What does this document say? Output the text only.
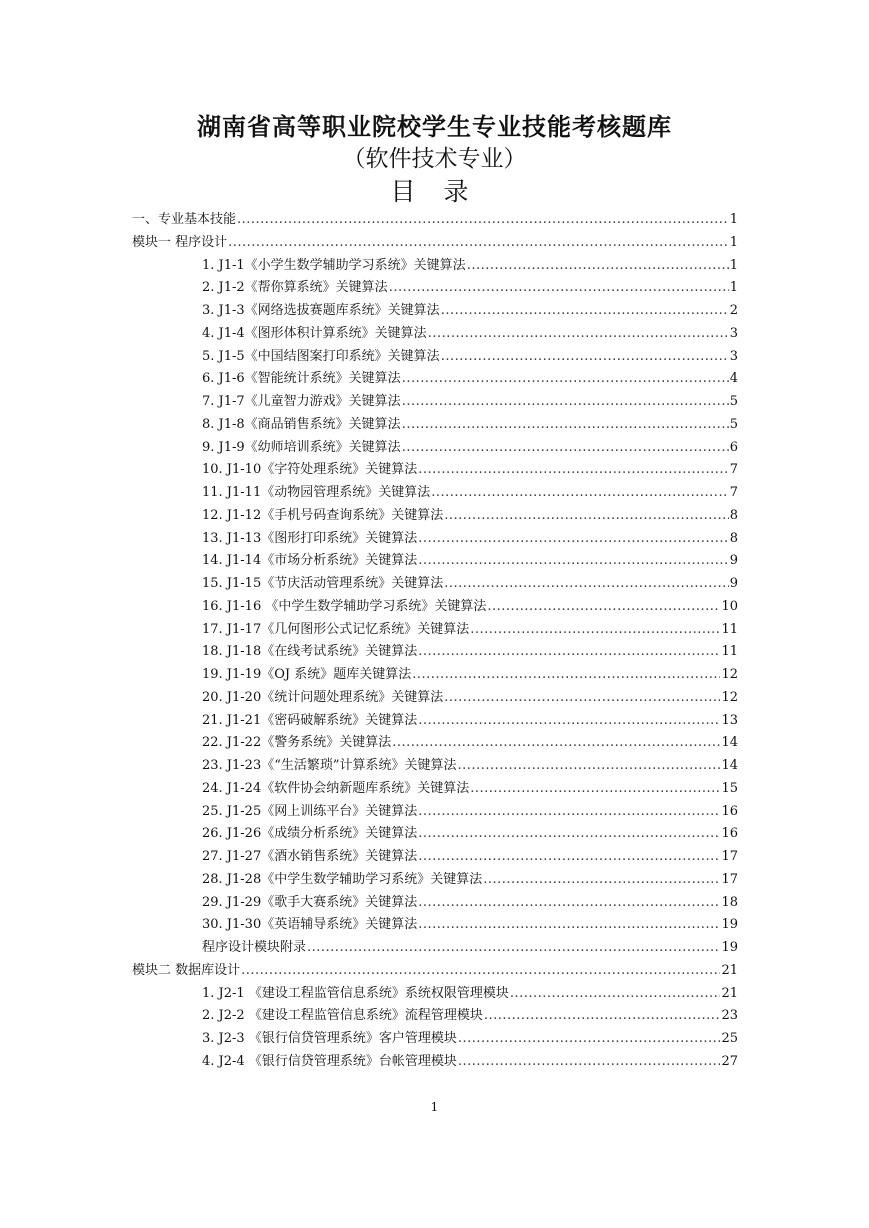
湖南省高等职业院校学生专业技能考核题库
（软件技术专业）
目 录
一、专业基本技能 .....	1
模块一 程序设计 .....	1
1. J1-1《小学生数学辅助学习系统》关键算法 .....	1
2. J1-2《帮你算系统》关键算法 .....	1
3. J1-3《网络选拔赛题库系统》关键算法 .....	2
4. J1-4《图形体积计算系统》关键算法 .....	3
5. J1-5《中国结图案打印系统》关键算法 .....	3
6. J1-6《智能统计系统》关键算法 .....	4
7. J1-7《儿童智力游戏》关键算法 .....	5
8. J1-8《商品销售系统》关键算法 .....	5
9. J1-9《幼师培训系统》关键算法 .....	6
10. J1-10《字符处理系统》关键算法 .....	7
11. J1-11《动物园管理系统》关键算法 .....	7
12. J1-12《手机号码查询系统》关键算法 .....	8
13. J1-13《图形打印系统》关键算法 .....	8
14. J1-14《市场分析系统》关键算法 .....	9
15. J1-15《节庆活动管理系统》关键算法 .....	9
16. J1-16 《中学生数学辅助学习系统》关键算法 .....	10
17. J1-17《几何图形公式记忆系统》关键算法 .....	11
18. J1-18《在线考试系统》关键算法 .....	11
19. J1-19《OJ 系统》题库关键算法 .....	12
20. J1-20《统计问题处理系统》关键算法 .....	12
21. J1-21《密码破解系统》关键算法 .....	13
22. J1-22《警务系统》关键算法 .....	14
23. J1-23《“生活繁琐”计算系统》关键算法 .....	14
24. J1-24《软件协会纳新题库系统》关键算法 .....	15
25. J1-25《网上训练平台》关键算法 .....	16
26. J1-26《成绩分析系统》关键算法 .....	16
27. J1-27《酒水销售系统》关键算法 .....	17
28. J1-28《中学生数学辅助学习系统》关键算法 .....	17
29. J1-29《歌手大赛系统》关键算法 .....	18
30. J1-30《英语辅导系统》关键算法 .....	19
程序设计模块附录 .....	19
模块二 数据库设计 .....	21
1. J2-1 《建设工程监管信息系统》系统权限管理模块 .....	21
2. J2-2 《建设工程监管信息系统》流程管理模块 .....	23
3. J2-3 《银行信贷管理系统》客户管理模块 .....	25
4. J2-4 《银行信贷管理系统》台帐管理模块 .....	27
1
